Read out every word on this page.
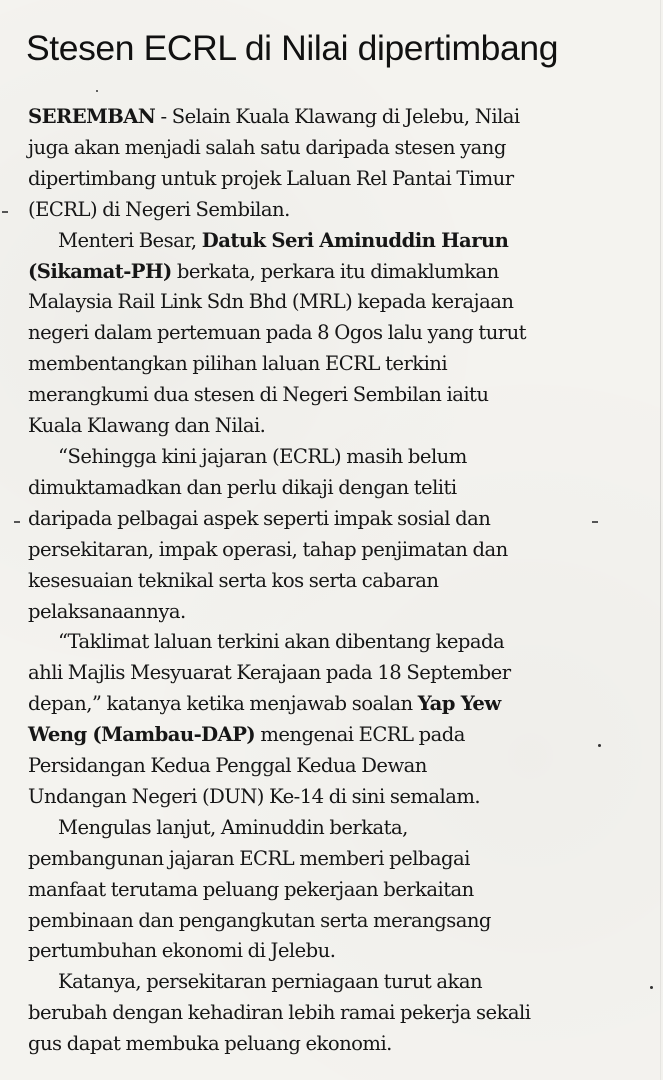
Stesen ECRL di Nilai dipertimbang

SEREMBAN - Selain Kuala Klawang di Jelebu, Nilai
juga akan menjadi salah satu daripada stesen yang
dipertimbang untuk projek Laluan Rel Pantai Timur
(ECRL) di Negeri Sembilan.

Menteri Besar, Datuk Seri Aminuddin Harun
(Sikamat-PH) berkata, perkara itu dimaklumkan
Malaysia Rail Link Sdn Bhd (MRL) kepada kerajaan
negeri dalam pertemuan pada 8 Ogos lalu yang turut
membentangkan pilihan laluan ECRL terkini
merangkumi dua stesen di Negeri Sembilan iaitu
Kuala Klawang dan Nilai.

“Sehingga kini jajaran (ECRL) masih belum
dimuktamadkan dan perlu dikaji dengan teliti
daripada pelbagai aspek seperti impak sosial dan
persekitaran, impak operasi, tahap penjimatan dan
kesesuaian teknikal serta kos serta cabaran
pelaksanaannya.

“Taklimat laluan terkini akan dibentang kepada
ahli Majlis Mesyuarat Kerajaan pada 18 September
depan,” katanya ketika menjawab soalan Yap Yew
Weng (Mambau-DAP) mengenai ECRL pada
Persidangan Kedua Penggal Kedua Dewan
Undangan Negeri (DUN) Ke-14 di sini semalam.

Mengulas lanjut, Aminuddin berkata,
pembangunan jajaran ECRL memberi pelbagai
manfaat terutama peluang pekerjaan berkaitan
pembinaan dan pengangkutan serta merangsang
pertumbuhan ekonomi di Jelebu.

Katanya, persekitaran perniagaan turut akan
berubah dengan kehadiran lebih ramai pekerja sekali
gus dapat membuka peluang ekonomi.
